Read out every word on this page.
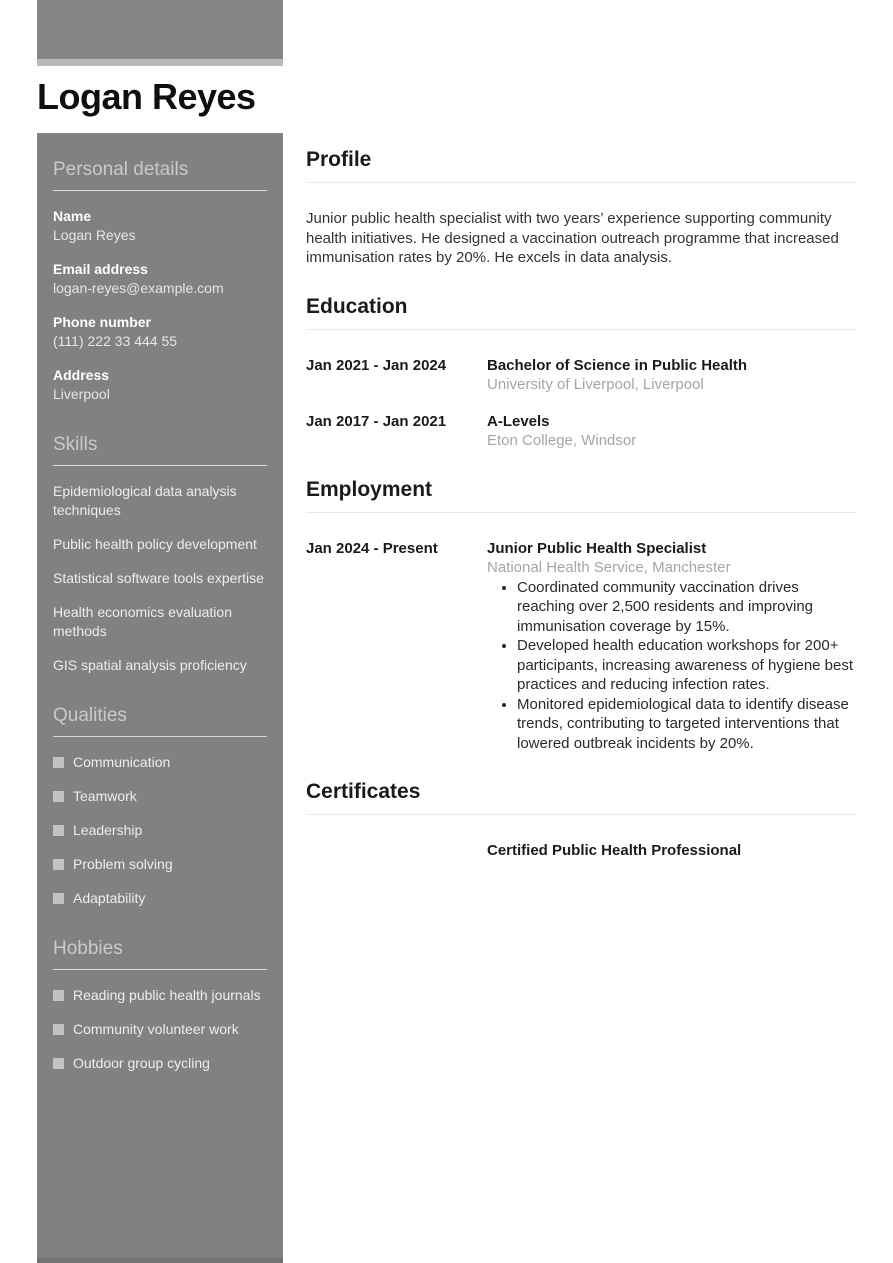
Logan Reyes
Personal details
Name
Logan Reyes
Email address
logan-reyes@example.com
Phone number
(111) 222 33 444 55
Address
Liverpool
Skills
Epidemiological data analysis techniques
Public health policy development
Statistical software tools expertise
Health economics evaluation methods
GIS spatial analysis proficiency
Qualities
Communication
Teamwork
Leadership
Problem solving
Adaptability
Hobbies
Reading public health journals
Community volunteer work
Outdoor group cycling
Profile
Junior public health specialist with two years’ experience supporting community health initiatives. He designed a vaccination outreach programme that increased immunisation rates by 20%. He excels in data analysis.
Education
Jan 2021 - Jan 2024	Bachelor of Science in Public Health
University of Liverpool, Liverpool
Jan 2017 - Jan 2021	A-Levels
Eton College, Windsor
Employment
Jan 2024 - Present	Junior Public Health Specialist
National Health Service, Manchester
• Coordinated community vaccination drives reaching over 2,500 residents and improving immunisation coverage by 15%.
• Developed health education workshops for 200+ participants, increasing awareness of hygiene best practices and reducing infection rates.
• Monitored epidemiological data to identify disease trends, contributing to targeted interventions that lowered outbreak incidents by 20%.
Certificates
Certified Public Health Professional
